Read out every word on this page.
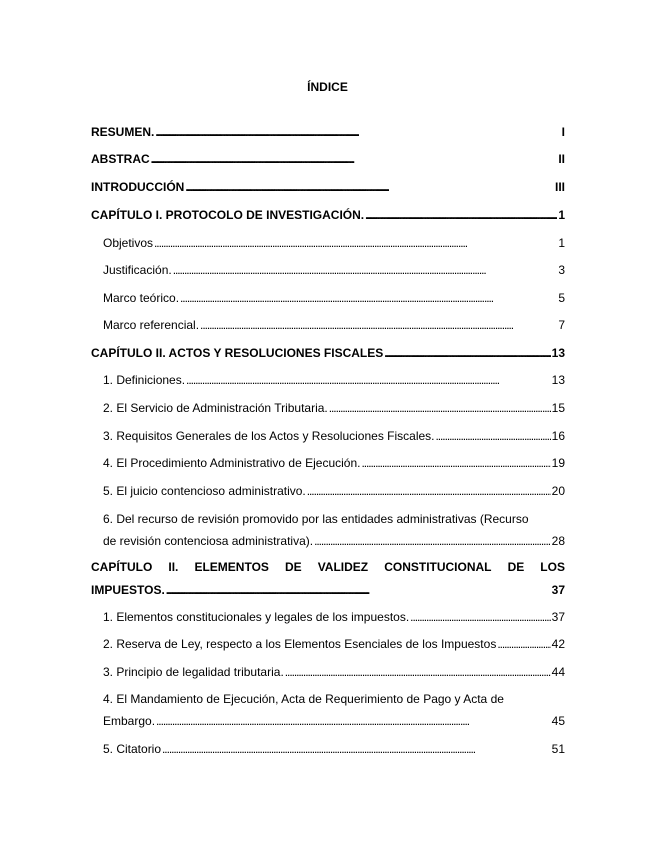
ÍNDICE
RESUMEN. . . .	I
ABSTRAC . . .	II
INTRODUCCIÓN . . .	III
CAPÍTULO I. PROTOCOLO DE INVESTIGACIÓN. . . .	1
Objetivos . . .	1
Justificación. . . .	3
Marco teórico. . . .	5
Marco referencial. . . .	7
CAPÍTULO II. ACTOS Y RESOLUCIONES FISCALES . . .	13
1. Definiciones. . . .	13
2. El Servicio de Administración Tributaria. . . .	15
3. Requisitos Generales de los Actos y Resoluciones Fiscales. . . .	16
4. El Procedimiento Administrativo de Ejecución. . . .	19
5. El juicio contencioso administrativo. . . .	20
6. Del recurso de revisión promovido por las entidades administrativas (Recurso
de revisión contenciosa administrativa). . . .	28
CAPÍTULO II. ELEMENTOS DE VALIDEZ CONSTITUCIONAL DE LOS
IMPUESTOS. . . .	37
1. Elementos constitucionales y legales de los impuestos. . . .	37
2. Reserva de Ley, respecto a los Elementos Esenciales de los Impuestos . . .	42
3. Principio de legalidad tributaria. . . .	44
4. El Mandamiento de Ejecución, Acta de Requerimiento de Pago y Acta de
Embargo. . . .	45
5. Citatorio . . .	51
